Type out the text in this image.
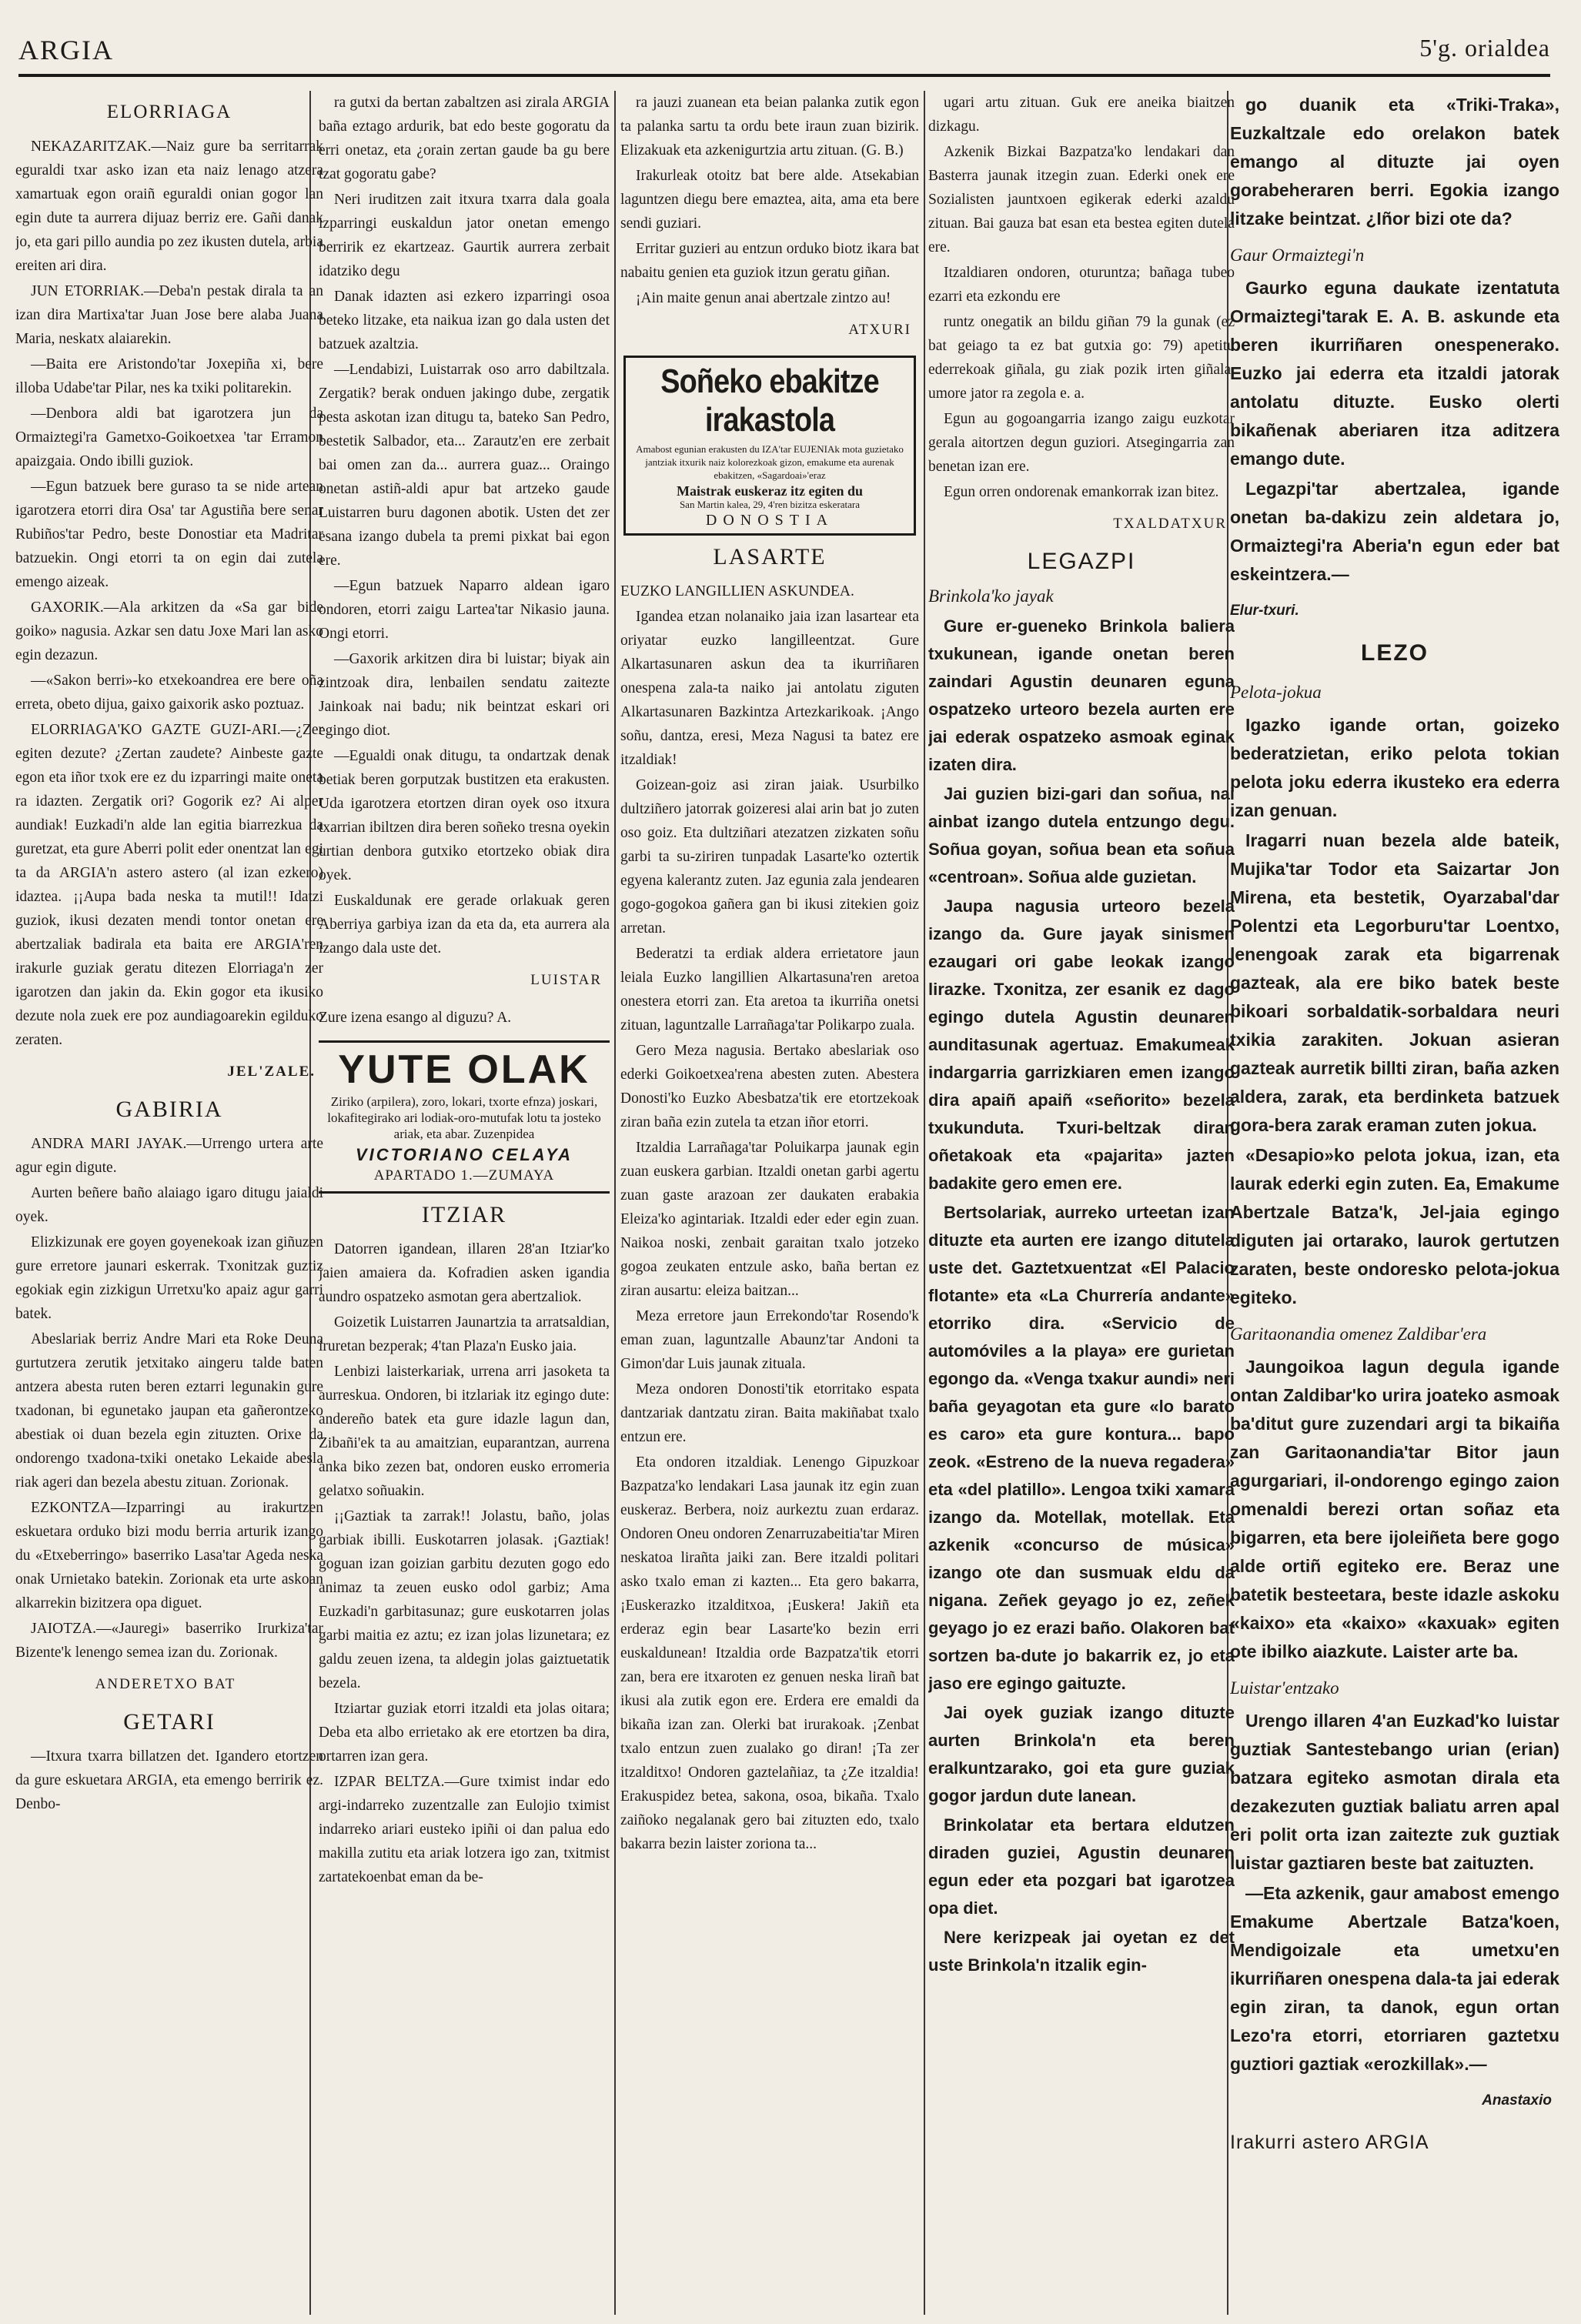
ARGIA	5'g. orialdea
ELORRIAGA

NEKAZARITZAK.—Naiz gure ba serritarrak eguraldi txar asko izan eta naiz lenago atzera xamartuak egon oraiñ eguraldi onian gogor lan egin dute ta aurrera dijuaz berriz ere. Gañi danak jo, eta gari pillo aundia po zez ikusten dutela, arbia ereiten ari dira.

JUN ETORRIAK.—Deba'n pestak dirala ta an izan dira Martixa'tar Juan Jose bere alaba Juana Maria, neskatx alaiarekin.

—Baita ere Aristondo'tar Joxepiña xi, bere illoba Udabe'tar Pilar, nes ka txiki politarekin.

—Denbora aldi bat igarotzera jun da Ormaiztegi'ra Gametxo-Goikoetxea 'tar Erramon apaizgaia. Ondo ibilli guziok.

—Egun batzuek bere guraso ta se nide artean igarotzera etorri dira Osa' tar Agustiña bere senar Rubiños'tar Pedro, beste Donostiar eta Madritar batzuekin. Ongi etorri ta on egin dai zutela emengo aizeak.

GAXORIK.—Ala arkitzen da «Sa gar bide goiko» nagusia. Azkar sen datu Joxe Mari lan asko egin dezazun.

—«Sakon berri»-ko etxekoandrea ere bere oña erreta, obeto dijua, gaixo gaixorik asko poztuaz.

ELORRIAGA'KO GAZTE GUZI-ARI.—¿Zer egiten dezute? ¿Zertan zaudete? Ainbeste gazte egon eta iñor txok ere ez du izparringi maite oneta ra idazten. Zergatik ori? Gogorik ez? Ai alper aundiak! Euzkadi'n alde lan egitia biarrezkua da guretzat, eta gure Aberri polit eder onentzat lan egi ta da ARGIA'n astero astero (al izan ezkero) idaztea. ¡¡Aupa bada neska ta mutil!! Idatzi guziok, ikusi dezaten mendi tontor onetan ere abertzaliak badirala eta baita ere ARGIA'ren irakurle guziak geratu ditezen Elorriaga'n zer igarotzen dan jakin da. Ekin gogor eta ikusiko dezute nola zuek ere poz aundiagoarekin egilduko zeraten.

JEL'ZALE.
GABIRIA

ANDRA MARI JAYAK.—Urrengo urtera arte agur egin digute.

Aurten beñere baño alaiago igaro ditugu jaialdi oyek.

Elizkizunak ere goyen goyenekoak izan giñuzen gure erretore jaunari eskerrak. Txonitzak guztiz egokiak egin zizkigun Urretxu'ko apaiz agur garri batek.

Abeslariak berriz Andre Mari eta Roke Deuna gurtutzera zerutik jetxitako aingeru talde baten antzera abesta ruten beren eztarri legunakin gure txadonan, bi egunetako jaupan eta gañerontzeko abestiak oi duan bezela egin zituzten. Orixe da ondorengo txadona-txiki onetako Lekaide abesla riak ageri dan bezela abestu zituan. Zorionak.

EZKONTZA—Izparringi au irakurtzen eskuetara orduko bizi modu berria arturik izango du «Etxeberringo» baserriko Lasa'tar Ageda neska onak Urnietako batekin. Zorionak eta urte askoan alkarrekin bizitzera opa diguet.

JAIOTZA.—«Jauregi» baserriko Irurkiza'tar Bizente'k lenengo semea izan du. Zorionak.

ANDERETXO BAT
GETARI

—Itxura txarra billatzen det. Igandero etortzen da gure eskuetara ARGIA, eta emengo berririk ez. Denbo-

ra gutxi da bertan zabaltzen asi zirala ARGIA baña eztago ardurik, bat edo beste gogoratu da erri onetaz, eta ¿orain zertan gaude ba gu bere tzat gogoratu gabe?

Neri iruditzen zait itxura txarra dala goala izparringi euskaldun jator onetan emengo berririk ez ekartzeaz. Gaurtik aurrera zerbait idatziko degu

Danak idazten asi ezkero izparringi osoa beteko litzake, eta naikua izan go dala usten det batzuek azaltzia.

—Lendabizi, Luistarrak oso arro dabiltzala. Zergatik? berak onduen jakingo dube, zergatik pesta askotan izan ditugu ta, bateko San Pedro, bestetik Salbador, eta... Zarautz'en ere zerbait bai omen zan da... aurrera guaz... Oraingo onetan astiñ-aldi apur bat artzeko gaude Luistarren buru dagonen abotik. Usten det zer esana izango dubela ta premi pixkat bai egon ere.

—Egun batzuek Naparro aldean igaro ondoren, etorri zaigu Lartea'tar Nikasio jauna. Ongi etorri.

—Gaxorik arkitzen dira bi luistar; biyak ain zintzoak dira, lenbailen sendatu zaitezte Jainkoak nai badu; nik beintzat eskari ori egingo diot.

—Egualdi onak ditugu, ta ondartzak denak betiak beren gorputzak bustitzen eta erakusten. Uda igarotzera etortzen diran oyek oso itxura txarrian ibiltzen dira beren soñeko tresna oyekin urtian denbora gutxiko etortzeko obiak dira oyek.

Euskaldunak ere gerade orlakuak geren Aberriya garbiya izan da eta da, eta aurrera ala izango dala uste det.

LUISTAR

Zure izena esango al diguzu? A.

YUTE OLAK
Ziriko (arpilera), zoro, lokari, txorte efnza) joskari, lokafitegirako ari lodiak-oro-mutufak lotu ta josteko ariak, eta abar. Zuzenpidea
VICTORIANO CELAYA
APARTADO 1.—ZUMAYA
ITZIAR

Datorren igandean, illaren 28'an Itziar'ko jaien amaiera da. Kofradien asken igandia aundro ospatzeko asmotan gera abertzaliok.

Goizetik Luistarren Jaunartzia ta arratsaldian, iruretan bezperak; 4'tan Plaza'n Eusko jaia.

Lenbizi laisterkariak, urrena arri jasoketa ta aurreskua. Ondoren, bi itzlariak itz egingo dute: andereño batek eta gure idazle lagun dan, Zibañi'ek ta au amaitzian, euparantzan, aurrena anka biko zezen bat, ondoren eusko erromeria gelatxo soñuakin.

¡¡Gaztiak ta zarrak!! Jolastu, baño, jolas garbiak ibilli. Euskotarren jolasak. ¡Gaztiak! goguan izan goizian garbitu dezuten gogo edo animaz ta zeuen eusko odol garbiz; Ama Euzkadi'n garbitasunaz; gure euskotarren jolas garbi maitia ez aztu; ez izan jolas lizunetara; ez galdu zeuen izena, ta aldegin jolas gaiztuetatik bezela.

Itziartar guziak etorri itzaldi eta jolas oitara; Deba eta albo errietako ak ere etortzen ba dira, ortarren izan gera.

IZPAR BELTZA.—Gure tximist indar edo argi-indarreko zuzentzalle zan Eulojio tximist indarreko ariari eusteko ipiñi oi dan palua edo makilla zutitu eta ariak lotzera igo zan, txitmist zartatekoenbat eman da be-

ra jauzi zuanean eta beian palanka zutik egon ta palanka sartu ta ordu bete iraun zuan bizirik. Elizakuak eta azkenigurtzia artu zituan. (G. B.)

Irakurleak otoitz bat bere alde. Atsekabian laguntzen diegu bere emaztea, aita, ama eta bere sendi guziari.

Erritar guzieri au entzun orduko biotz ikara bat nabaitu genien eta guziok itzun geratu giñan.

¡Ain maite genun anai abertzale zintzo au!

ATXURI
Soñeko ebakitze irakastola
Amabost egunian erakusten du IZA'tar EUJENIAk mota guzietako jantziak itxurik naiz kolorezkoak gizon, emakume eta aurenak ebakitzen, «Sagardoai»'eraz
Maistrak euskeraz itz egiten du
San Martin kalea, 29, 4'ren bizitza eskeratara
DONOSTIA
LASARTE

EUZKO LANGILLIEN ASKUNDEA.

Igandea etzan nolanaiko jaia izan lasartear eta oriyatar euzko langilleentzat. Gure Alkartasunaren askun dea ta ikurriñaren onespena zala-ta naiko jai antolatu ziguten Alkartasunaren Bazkintza Artezkarikoak. ¡Ango soñu, dantza, eresi, Meza Nagusi ta batez ere itzaldiak!

Goizean-goiz asi ziran jaiak. Usurbilko dultziñero jatorrak goizeresi alai arin bat jo zuten oso goiz. Eta dultziñari atezatzen zizkaten soñu garbi ta su-ziriren tunpadak Lasarte'ko oztertik egyena kalerantz zuten. Jaz egunia zala jendearen gogo-gogokoa gañera gan bi ikusi zitekien goiz arretan.

Bederatzi ta erdiak aldera errietatore jaun leiala Euzko langillien Alkartasuna'ren aretoa onestera etorri zan. Eta aretoa ta ikurriña onetsi zituan, laguntzalle Larrañaga'tar Polikarpo zuala.

Gero Meza nagusia. Bertako abeslariak oso ederki Goikoetxea'rena abesten zuten. Abestera Donosti'ko Euzko Abesbatza'tik ere etortzekoak ziran baña ezin zutela ta etzan iñor etorri.

Itzaldia Larrañaga'tar Poluikarpa jaunak egin zuan euskera garbian. Itzaldi onetan garbi agertu zuan gaste arazoan zer daukaten erabakia Eleiza'ko agintariak. Itzaldi eder eder egin zuan. Naikoa noski, zenbait garaitan txalo jotzeko gogoa zeukaten entzule asko, baña bertan ez ziran ausartu: eleiza baitzan...

Meza erretore jaun Errekondo'tar Rosendo'k eman zuan, laguntzalle Abaunz'tar Andoni ta Gimon'dar Luis jaunak zituala.

Meza ondoren Donosti'tik etorritako espata dantzariak dantzatu ziran. Baita makiñabat txalo entzun ere.

Eta ondoren itzaldiak. Lenengo Gipuzkoar Bazpatza'ko lendakari Lasa jaunak itz egin zuan euskeraz. Berbera, noiz aurkeztu zuan erdaraz. Ondoren Oneu ondoren Zenarruzabeitia'tar Miren neskatoa lirañta jaiki zan. Bere itzaldi politari asko txalo eman zi kazten... Eta gero bakarra, ¡Euskerazko itzalditxoa, ¡Euskera! Jakiñ eta erderaz egin bear Lasarte'ko bezin erri euskaldunean! Itzaldia orde Bazpatza'tik etorri zan, bera ere itxaroten ez genuen neska lirañ bat ikusi ala zutik egon ere. Erdera ere emaldi da bikaña izan zan. Olerki bat irurakoak. ¡Zenbat txalo entzun zuen zualako go diran! ¡Ta zer itzalditxo! Ondoren gaztelañiaz, ta ¿Ze itzaldia! Erakuspidez betea, sakona, osoa, bikaña. Txalo zaiñoko negalanak gero bai zituzten edo, txalo bakarra bezin laister zoriona ta...

ugari artu zituan. Guk ere aneika biaitzen dizkagu.

Azkenik Bizkai Bazpatza'ko lendakari dan Basterra jaunak itzegin zuan. Ederki onek ere Sozialisten jauntxoen egikerak ederki azaldu zituan. Bai gauza bat esan eta bestea egiten dutela ere.

Itzaldiaren ondoren, oturuntza; bañaga tubeo ezarri eta ezkondu ere

runtz onegatik an bildu giñan 79 la gunak (ez bat geiago ta ez bat gutxia go: 79) apetitu ederrekoak giñala, gu ziak pozik irten giñala, umore jator ra zegola e. a.

Egun au gogoangarria izango zaigu euzkotar gerala aitortzen degun guziori. Atsegingarria zan benetan izan ere.

Egun orren ondorenak emankorrak izan bitez.

TXALDATXUR
LEGAZPI
Brinkola'ko jayak

Gure er-gueneko Brinkola baliera txukunean, igande onetan beren zaindari Agustin deunaren eguna ospatzeko urteoro bezela aurten ere jai ederak ospatzeko asmoak eginak izaten dira.

Jai guzien bizi-gari dan soñua, nai ainbat izango dutela entzungo degu. Soñua goyan, soñua bean eta soñua «centroan». Soñua alde guzietan.

Jaupa nagusia urteoro bezela izango da. Gure jayak sinismen ezaugari ori gabe leokak izango lirazke. Txonitza, zer esanik ez dago egingo dutela Agustin deunaren aunditasunak agertuaz. Emakumeak indargarria garrizkiaren emen izango dira apaiñ apaiñ «señorito» bezela txukunduta. Txuri-beltzak diran oñetakoak eta «pajarita» jazten badakite gero emen ere.

Bertsolariak, aurreko urteetan izan dituzte eta aurten ere izango ditutela uste det. Gaztetxuentzat «El Palacio flotante» eta «La Churrería andante» etorriko dira. «Servicio de automóviles a la playa» ere gurietan egongo da. «Venga txakur aundi» neri baña geyagotan eta gure «lo barato es caro» eta gure kontura... bapo zeok. «Estreno de la nueva regadera» eta «del platillo». Lengoa txiki xamara izango da. Motellak, motellak. Eta azkenik «concurso de música» izango ote dan susmuak eldu da nigana. Zeñek geyago jo ez, zeñek geyago jo ez erazi baño. Olakoren bat sortzen ba-dute jo bakarrik ez, jo eta jaso ere egingo gaituzte.

Jai oyek guziak izango dituzte aurten Brinkola'n eta beren eralkuntzarako, goi eta gure guziak gogor jardun dute lanean.

Brinkolatar eta bertara eldutzen diraden guziei, Agustin deunaren egun eder eta pozgari bat igarotzea opa diet.

Nere kerizpeak jai oyetan ez det uste Brinkola'n itzalik egin-

go duanik eta «Triki-Traka», Euzkaltzale edo orelakon batek emango al dituzte jai oyen gorabeheraren berri. Egokia izango litzake beintzat. ¿Iñor bizi ote da?

Gaur Ormaiztegi'n

Gaurko eguna daukate izentatuta Ormaiztegi'tarak E. A. B. askunde eta beren ikurriñaren onespenerako. Euzko jai ederra eta itzaldi jatorak antolatu dituzte. Eusko olerti bikañenak aberiaren itza aditzera emango dute.

Legazpi'tar abertzalea, igande onetan ba-dakizu zein aldetara jo, Ormaiztegi'ra Aberia'n egun eder bat eskeintzera.—

Elur-txuri.
LEZO
Pelota-jokua

Igazko igande ortan, goizeko bederatzietan, eriko pelota tokian pelota joku ederra ikusteko era ederra izan genuan.

Iragarri nuan bezela alde bateik, Mujika'tar Todor eta Saizartar Jon Mirena, eta bestetik, Oyarzabal'dar Polentzi eta Legorburu'tar Loentxo, lenengoak zarak eta bigarrenak gazteak, ala ere biko batek beste bikoari sorbaldatik-sorbaldara neuri txikia zarakiten. Jokuan asieran gazteak aurretik billti ziran, baña azken aldera, zarak, eta berdinketa batzuek gora-bera zarak eraman zuten jokua.

«Desapio»ko pelota jokua, izan, eta laurak ederki egin zuten. Ea, Emakume Abertzale Batza'k, Jel-jaia egingo diguten jai ortarako, laurok gertutzen zaraten, beste ondoresko pelota-jokua egiteko.

Garitaonandia omenez Zaldibar'era

Jaungoikoa lagun degula igande ontan Zaldibar'ko urira joateko asmoak ba'ditut gure zuzendari argi ta bikaiña zan Garitaonandia'tar Bitor jaun agurgariari, il-ondorengo egingo zaion omenaldi berezi ortan soñaz eta bigarren, eta bere ijoleiñeta bere gogo alde ortiñ egiteko ere. Beraz une batetik besteetara, beste idazle askoku «kaixo» eta «kaixo» «kaxuak» egiten ote ibilko aiazkute. Laister arte ba.

Luistar'entzako

Urengo illaren 4'an Euzkad'ko luistar guztiak Santestebango urian (erian) batzara egiteko asmotan dirala eta dezakezuten guztiak baliatu arren apal eri polit orta izan zaitezte zuk guztiak luistar gaztiaren beste bat zaituzten.

—Eta azkenik, gaur amabost emengo Emakume Abertzale Batza'koen, Mendigoizale eta umetxu'en ikurriñaren onespena dala-ta jai ederak egin ziran, ta danok, egun ortan Lezo'ra etorri, etorriaren gaztetxu guztiori gaztiak «erozkillak».—

Anastaxio
Irakurri astero ARGIA
